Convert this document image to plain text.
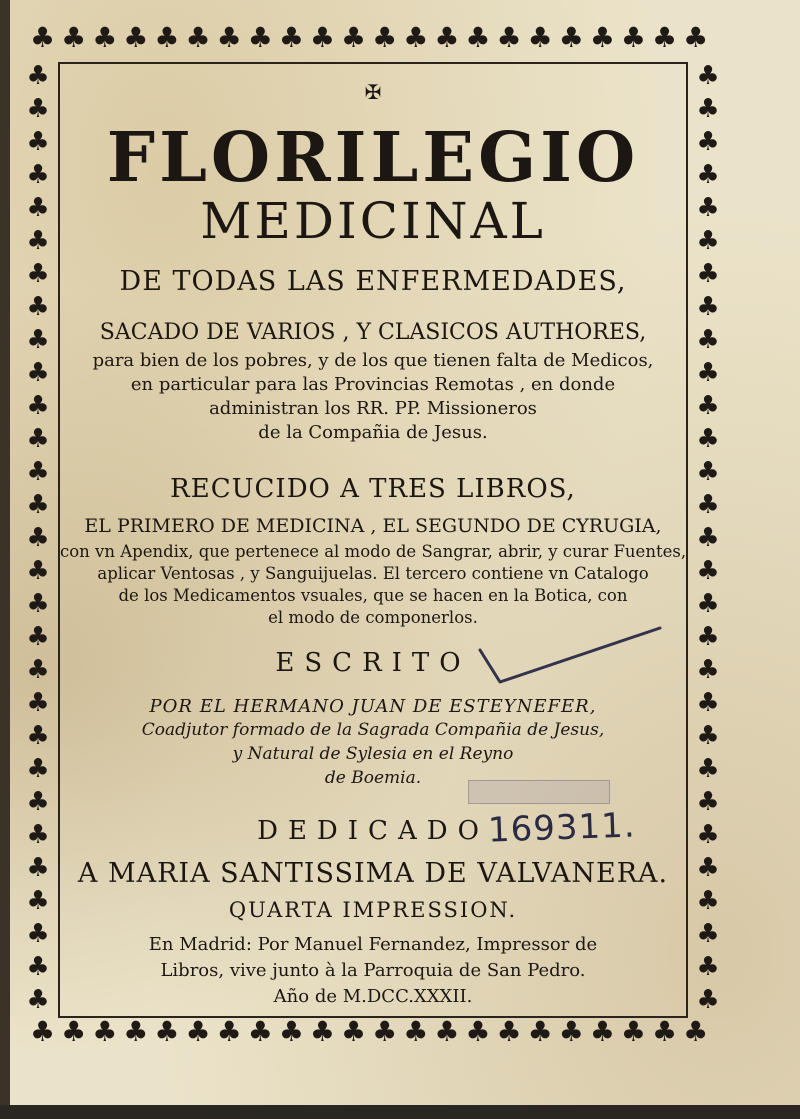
♣♣♣♣♣♣♣♣♣♣♣♣♣♣♣♣♣♣♣♣♣♣
♣♣♣♣♣♣♣♣♣♣♣♣♣♣♣♣♣♣♣♣♣♣
♣♣♣♣♣♣♣♣♣♣♣♣♣♣♣♣♣♣♣♣♣♣♣♣♣♣♣♣♣
♣♣♣♣♣♣♣♣♣♣♣♣♣♣♣♣♣♣♣♣♣♣♣♣♣♣♣♣♣
✠
FLORILEGIO
MEDICINAL
DE TODAS LAS ENFERMEDADES,
SACADO DE VARIOS , Y CLASICOS AUTHORES,
para bien de los pobres, y de los que tienen falta de Medicos,
en particular para las Provincias Remotas , en donde
administran los RR. PP. Missioneros
de la Compañia de Jesus.
RECUCIDO A TRES LIBROS,
EL PRIMERO DE MEDICINA , EL SEGUNDO DE CYRUGIA,
con vn Apendix, que pertenece al modo de Sangrar, abrir, y curar Fuentes,
aplicar Ventosas , y Sanguijuelas. El tercero contiene vn Catalogo
de los Medicamentos vsuales, que se hacen en la Botica, con
el modo de componerlos.
ESCRITO
POR EL HERMANO JUAN DE ESTEYNEFER,
Coadjutor formado de la Sagrada Compañia de Jesus,
y Natural de Sylesia en el Reyno
de Boemia.
DEDICADO
A MARIA SANTISSIMA DE VALVANERA.
QUARTA IMPRESSION.
En Madrid: Por Manuel Fernandez, Impressor de
Libros, vive junto à la Parroquia de San Pedro.
Año de M.DCC.XXXII.
169311.
